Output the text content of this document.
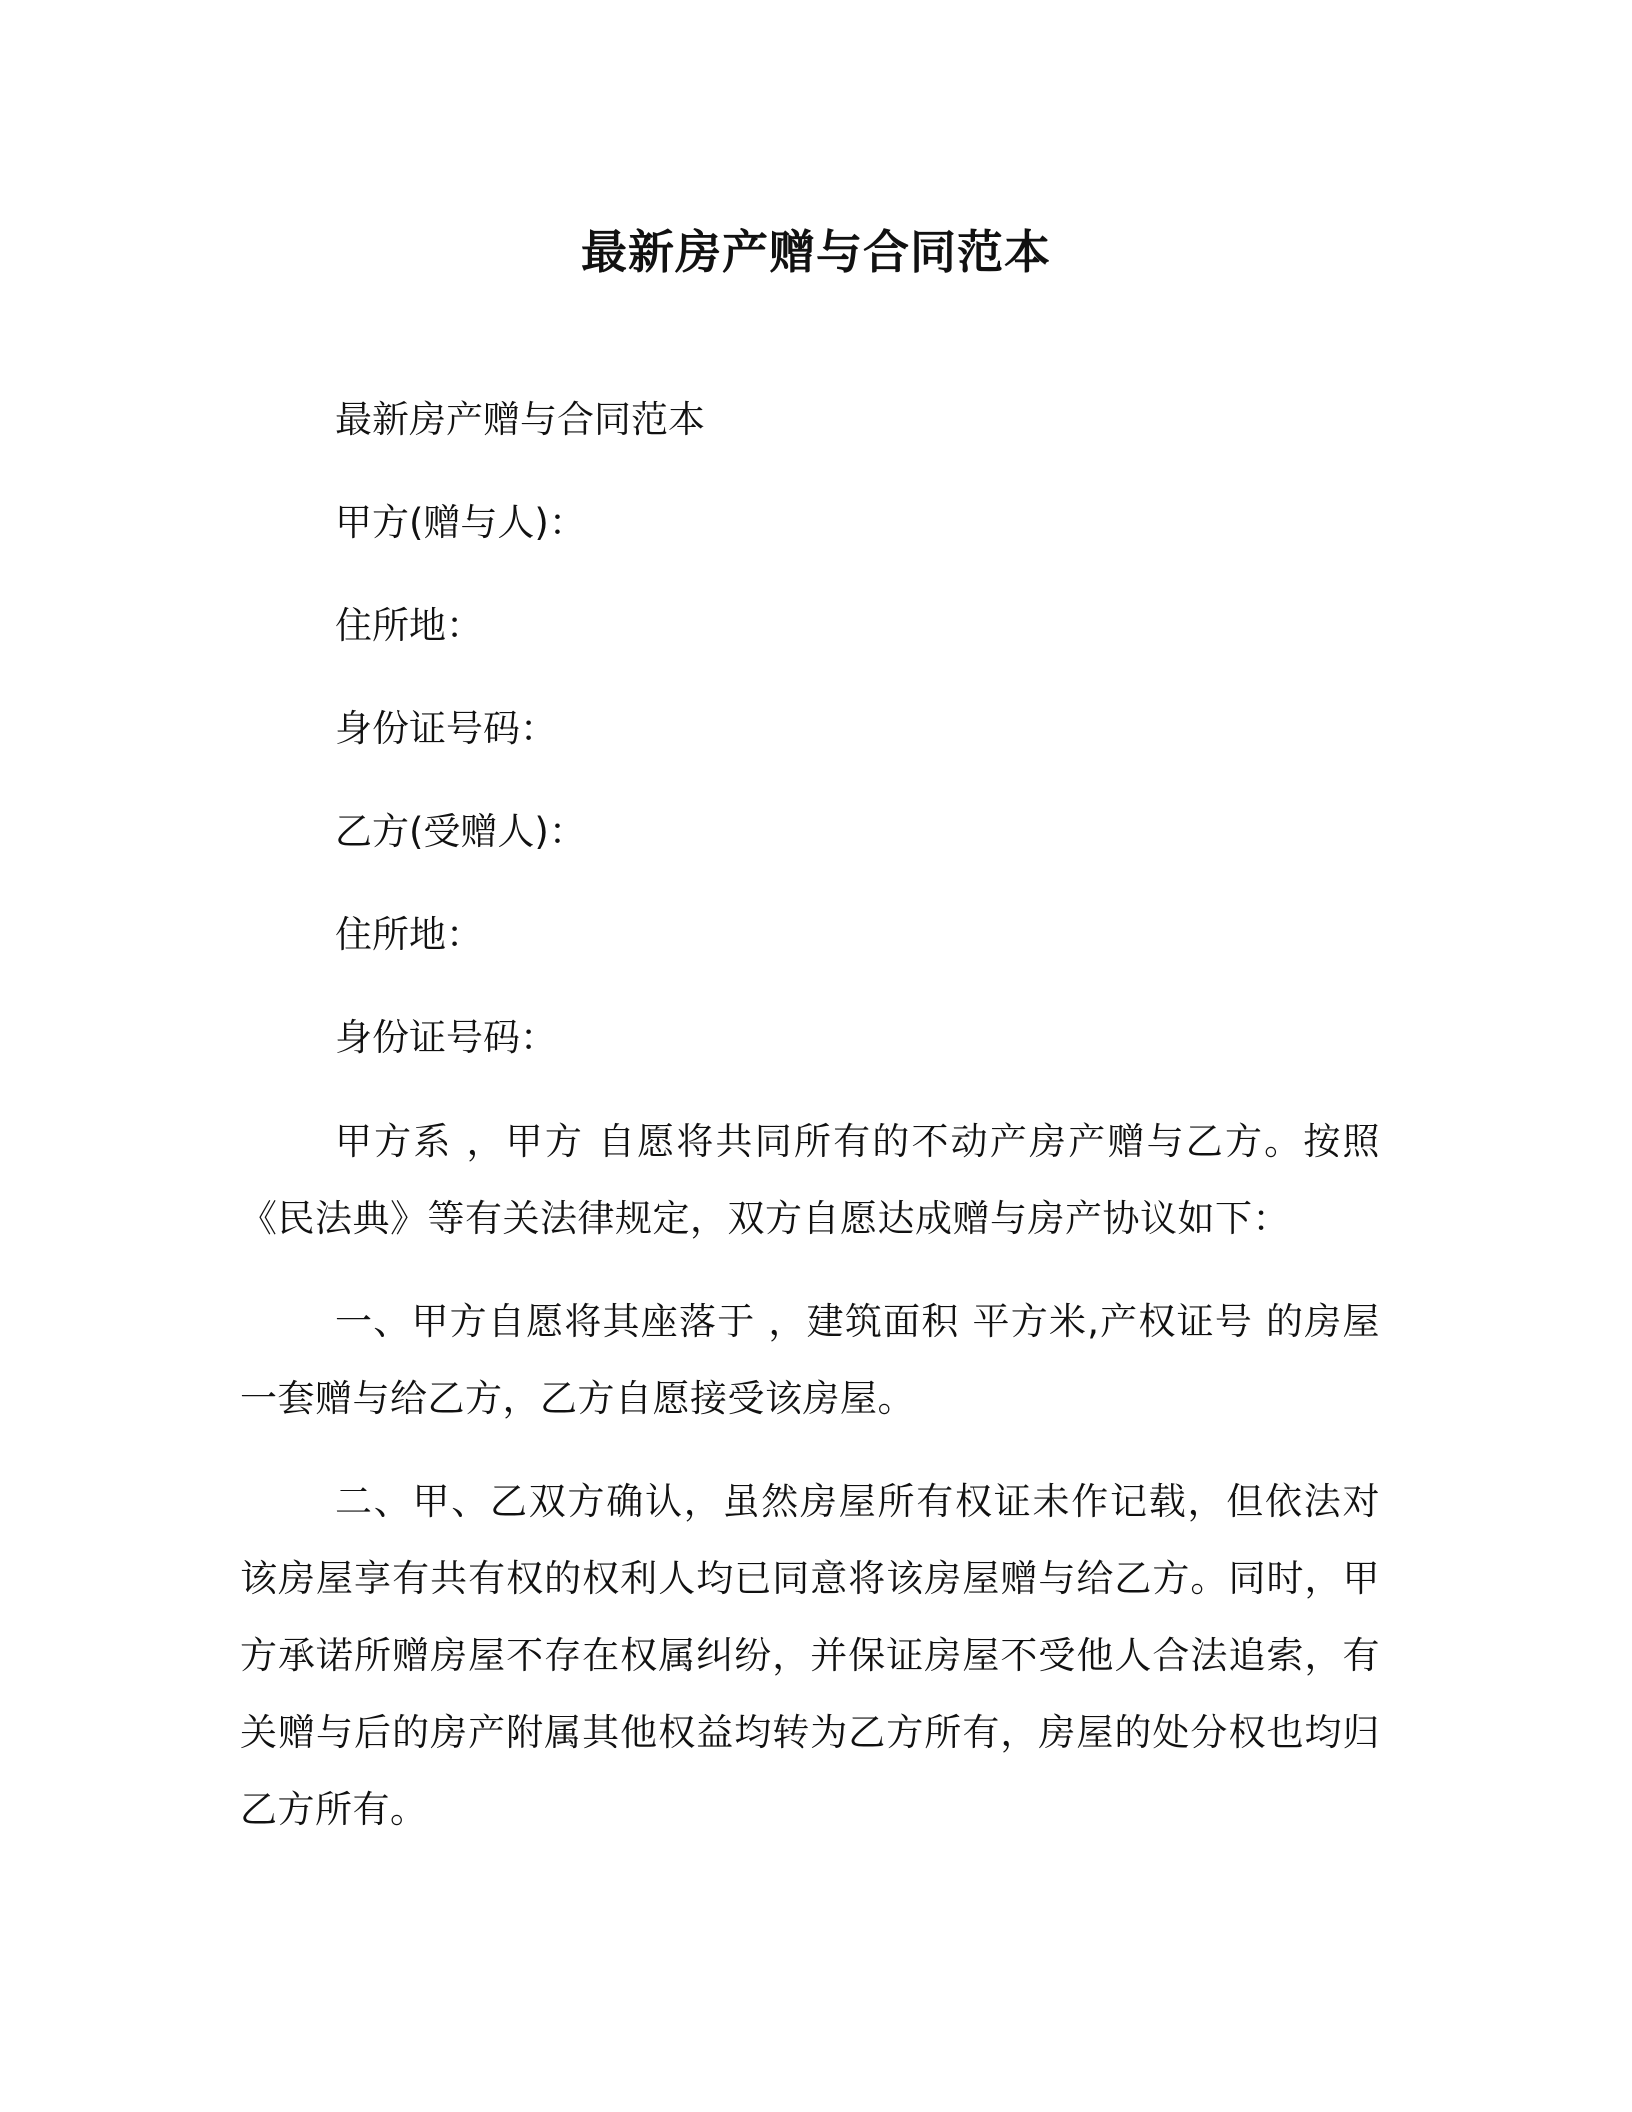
最新房产赠与合同范本

最新房产赠与合同范本

甲方(赠与人)：

住所地：

身份证号码：

乙方(受赠人)：

住所地：

身份证号码：

甲方系 ，甲方 自愿将共同所有的不动产房产赠与乙方。按照《民法典》等有关法律规定，双方自愿达成赠与房产协议如下：

一、甲方自愿将其座落于 ，建筑面积 平方米,产权证号 的房屋一套赠与给乙方，乙方自愿接受该房屋。

二、甲、乙双方确认，虽然房屋所有权证未作记载，但依法对该房屋享有共有权的权利人均已同意将该房屋赠与给乙方。同时，甲方承诺所赠房屋不存在权属纠纷，并保证房屋不受他人合法追索，有关赠与后的房产附属其他权益均转为乙方所有，房屋的处分权也均归乙方所有。
